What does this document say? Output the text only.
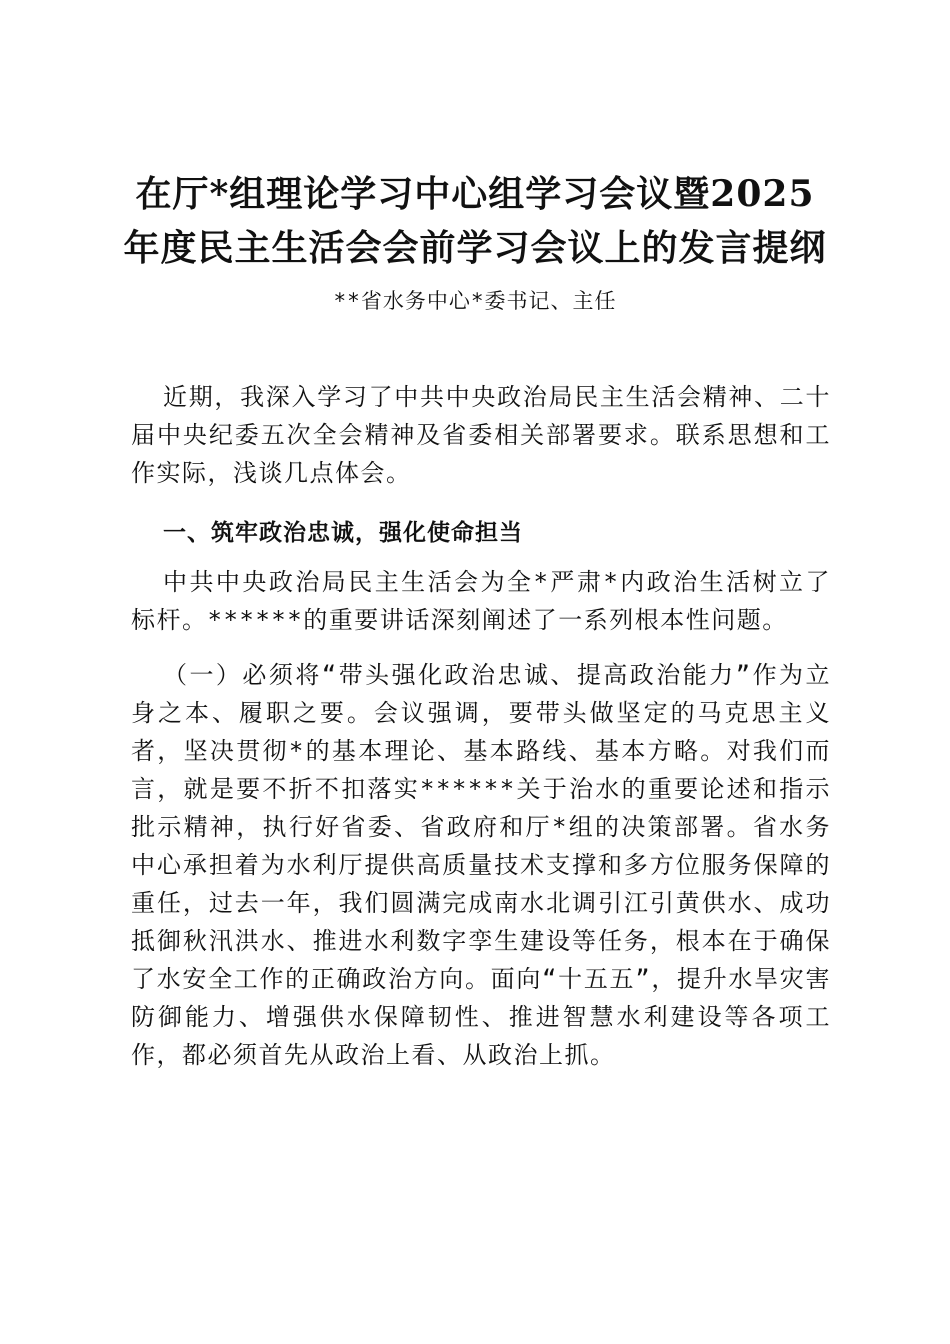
在厅*组理论学习中心组学习会议暨2025
年度民主生活会会前学习会议上的发言提纲
**省水务中心*委书记、主任
近期，我深入学习了中共中央政治局民主生活会精神、二十届中央纪委五次全会精神及省委相关部署要求。联系思想和工作实际，浅谈几点体会。
一、筑牢政治忠诚，强化使命担当
中共中央政治局民主生活会为全*严肃*内政治生活树立了标杆。******的重要讲话深刻阐述了一系列根本性问题。
（一）必须将“带头强化政治忠诚、提高政治能力”作为立身之本、履职之要。会议强调，要带头做坚定的马克思主义者，坚决贯彻*的基本理论、基本路线、基本方略。对我们而言，就是要不折不扣落实******关于治水的重要论述和指示批示精神，执行好省委、省政府和厅*组的决策部署。省水务中心承担着为水利厅提供高质量技术支撑和多方位服务保障的重任，过去一年，我们圆满完成南水北调引江引黄供水、成功抵御秋汛洪水、推进水利数字孪生建设等任务，根本在于确保了水安全工作的正确政治方向。面向“十五五”，提升水旱灾害防御能力、增强供水保障韧性、推进智慧水利建设等各项工作，都必须首先从政治上看、从政治上抓。
